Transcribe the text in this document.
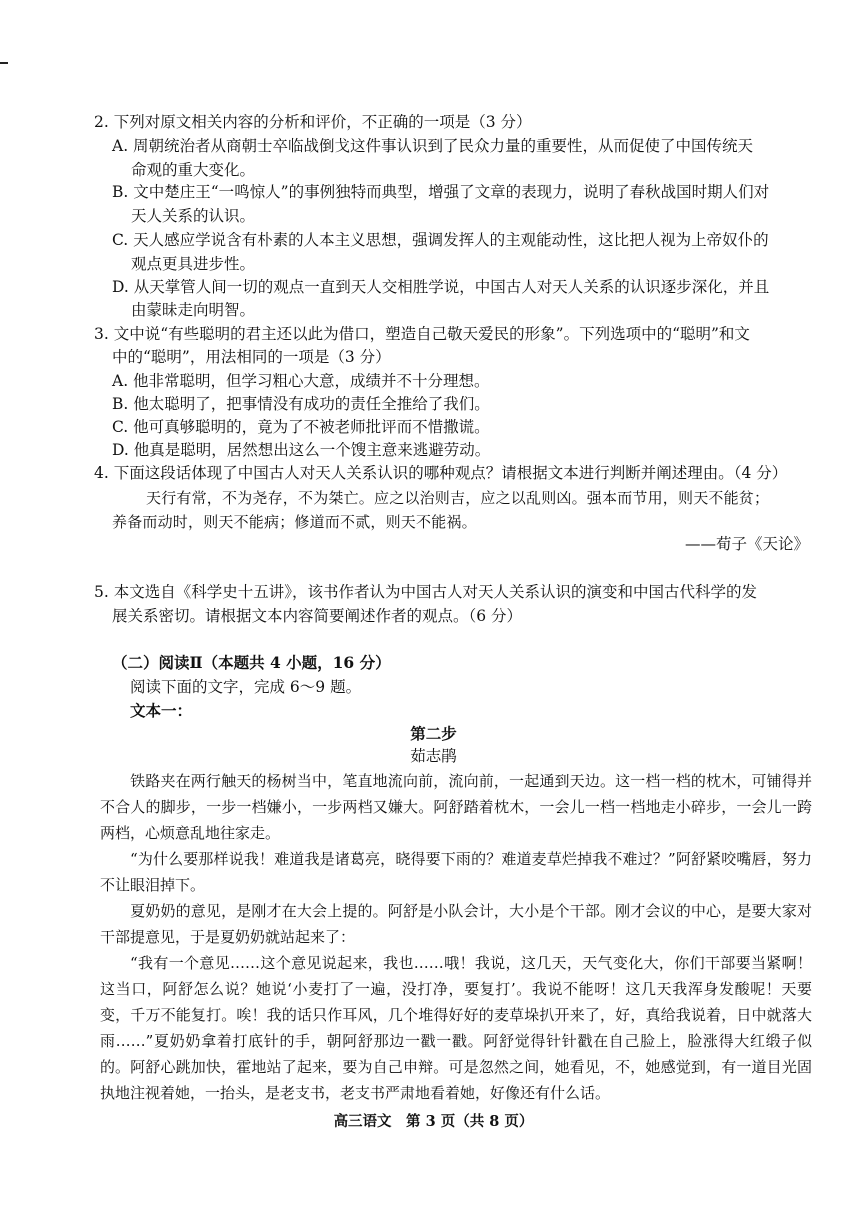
2. 下列对原文相关内容的分析和评价，不正确的一项是（3 分）
A. 周朝统治者从商朝士卒临战倒戈这件事认识到了民众力量的重要性，从而促使了中国传统天
命观的重大变化。
B. 文中楚庄王“一鸣惊人”的事例独特而典型，增强了文章的表现力，说明了春秋战国时期人们对
天人关系的认识。
C. 天人感应学说含有朴素的人本主义思想，强调发挥人的主观能动性，这比把人视为上帝奴仆的
观点更具进步性。
D. 从天掌管人间一切的观点一直到天人交相胜学说，中国古人对天人关系的认识逐步深化，并且
由蒙昧走向明智。
3. 文中说“有些聪明的君主还以此为借口，塑造自己敬天爱民的形象”。下列选项中的“聪明”和文
中的“聪明”，用法相同的一项是（3 分）
A. 他非常聪明，但学习粗心大意，成绩并不十分理想。
B. 他太聪明了，把事情没有成功的责任全推给了我们。
C. 他可真够聪明的，竟为了不被老师批评而不惜撒谎。
D. 他真是聪明，居然想出这么一个馊主意来逃避劳动。
4. 下面这段话体现了中国古人对天人关系认识的哪种观点？请根据文本进行判断并阐述理由。（4 分）
天行有常，不为尧存，不为桀亡。应之以治则吉，应之以乱则凶。强本而节用，则天不能贫；
养备而动时，则天不能病；修道而不贰，则天不能祸。
——荀子《天论》
5. 本文选自《科学史十五讲》，该书作者认为中国古人对天人关系认识的演变和中国古代科学的发
展关系密切。请根据文本内容简要阐述作者的观点。（6 分）
（二）阅读Ⅱ（本题共 4 小题，16 分）
阅读下面的文字，完成 6～9 题。
文本一：
第二步
茹志鹃
铁路夹在两行触天的杨树当中，笔直地流向前，流向前，一起通到天边。这一档一档的枕木，可铺得并不合人的脚步，一步一档嫌小，一步两档又嫌大。阿舒踏着枕木，一会儿一档一档地走小碎步，一会儿一跨两档，心烦意乱地往家走。
“为什么要那样说我！难道我是诸葛亮，晓得要下雨的？难道麦草烂掉我不难过？”阿舒紧咬嘴唇，努力不让眼泪掉下。
夏奶奶的意见，是刚才在大会上提的。阿舒是小队会计，大小是个干部。刚才会议的中心，是要大家对干部提意见，于是夏奶奶就站起来了：
“我有一个意见……这个意见说起来，我也……哦！我说，这几天，天气变化大，你们干部要当紧啊！这当口，阿舒怎么说？她说‘小麦打了一遍，没打净，要复打’。我说不能呀！这几天我浑身发酸呢！天要变，千万不能复打。唉！我的话只作耳风，几个堆得好好的麦草垛扒开来了，好，真给我说着，日中就落大雨……”夏奶奶拿着打底针的手，朝阿舒那边一戳一戳。阿舒觉得针针戳在自己脸上，脸涨得大红缎子似的。 阿舒心跳加快，霍地站了起来，要为自己申辩。可是忽然之间，她看见，不，她感觉到，有一道目光固执地注视着她，一抬头，是老支书，老支书严肃地看着她，好像还有什么话。
高三语文　第 3 页（共 8 页）
